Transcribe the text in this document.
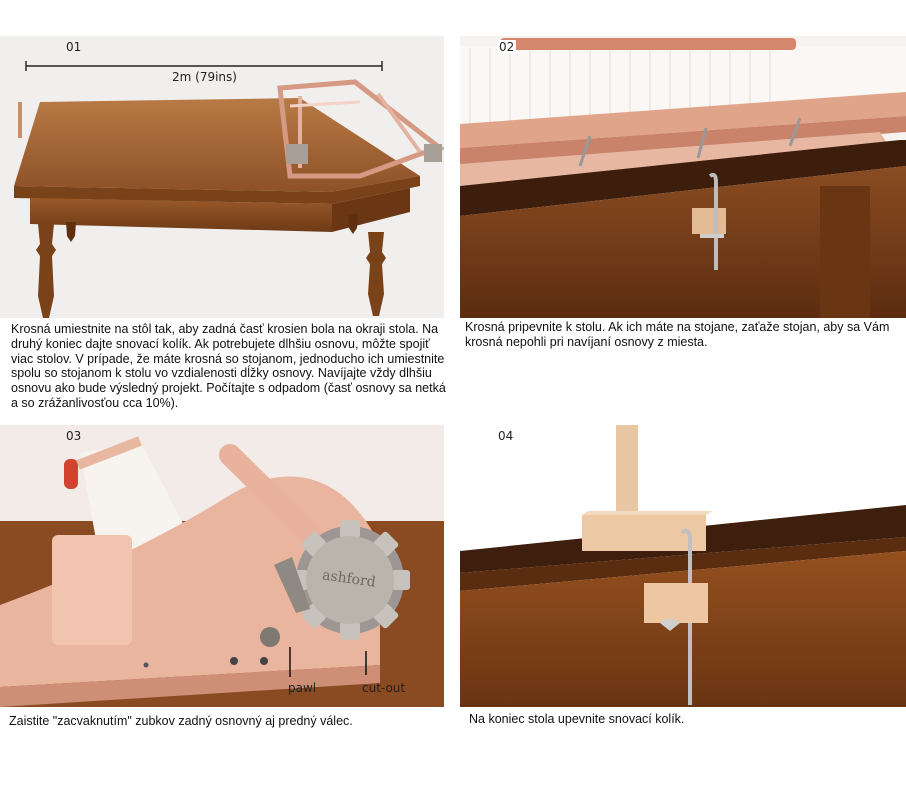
01
2m (79ins)
Krosná umiestnite na stôl tak, aby zadná časť krosien bola na okraji stola. Na druhý koniec dajte snovací kolík. Ak potrebujete dlhšiu osnovu, môžte spojiť viac stolov. V prípade, že máte krosná so stojanom, jednoducho ich umiestnite spolu so stojanom k stolu vo vzdialenosti dĺžky osnovy. Navíjajte vždy dlhšiu osnovu ako bude výsledný projekt. Počítajte s odpadom (časť osnovy sa netká a so zrážanlivosťou cca 10%).
02
Krosná pripevnite k stolu. Ak ich máte na stojane, zaťaže stojan, aby sa Vám krosná nepohli pri navíjaní osnovy z miesta.
ashford
03
pawl	cut-out
Zaistite "zacvaknutím" zubkov zadný osnovný aj predný válec.
04
Na koniec stola upevnite snovací kolík.
